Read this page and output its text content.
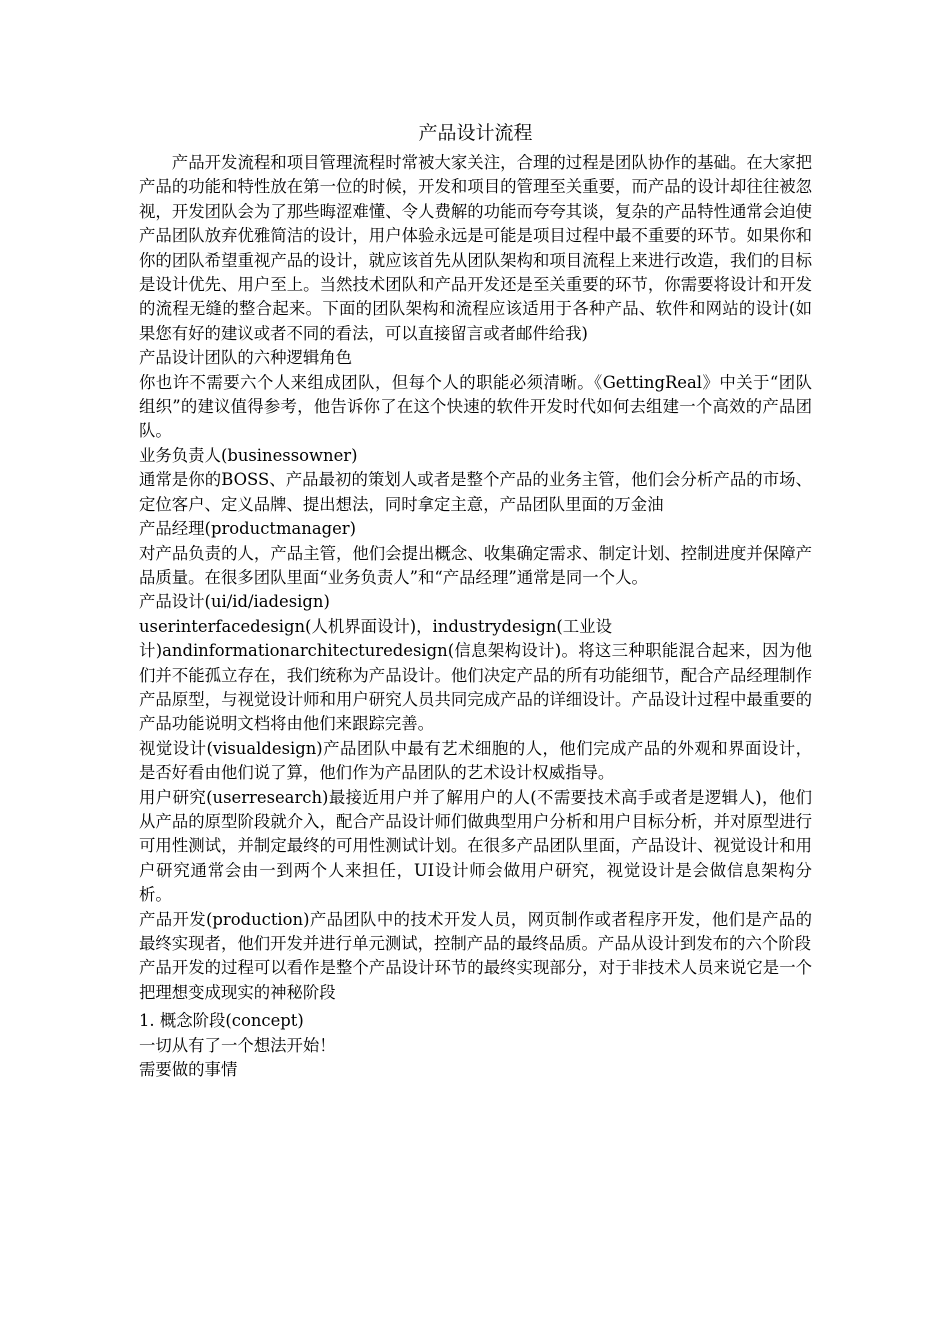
产品设计流程

产品开发流程和项目管理流程时常被大家关注，合理的过程是团队协作的基础。在大家把产品的功能和特性放在第一位的时候，开发和项目的管理至关重要，而产品的设计却往往被忽视，开发团队会为了那些晦涩难懂、令人费解的功能而夸夸其谈，复杂的产品特性通常会迫使产品团队放弃优雅简洁的设计，用户体验永远是可能是项目过程中最不重要的环节。如果你和你的团队希望重视产品的设计，就应该首先从团队架构和项目流程上来进行改造，我们的目标是设计优先、用户至上。当然技术团队和产品开发还是至关重要的环节，你需要将设计和开发的流程无缝的整合起来。下面的团队架构和流程应该适用于各种产品、软件和网站的设计(如果您有好的建议或者不同的看法，可以直接留言或者邮件给我)

产品设计团队的六种逻辑角色

你也许不需要六个人来组成团队，但每个人的职能必须清晰。《GettingReal》中关于“团队组织”的建议值得参考，他告诉你了在这个快速的软件开发时代如何去组建一个高效的产品团队。

业务负责人(businessowner)

通常是你的BOSS、产品最初的策划人或者是整个产品的业务主管，他们会分析产品的市场、定位客户、定义品牌、提出想法，同时拿定主意，产品团队里面的万金油

产品经理(productmanager)

对产品负责的人，产品主管，他们会提出概念、收集确定需求、制定计划、控制进度并保障产品质量。在很多团队里面“业务负责人”和“产品经理”通常是同一个人。

产品设计(ui/id/iadesign)

userinterfacedesign(人机界面设计)，industrydesign(工业设

计)andinformationarchitecturedesign(信息架构设计)。将这三种职能混合起来，因为他们并不能孤立存在，我们统称为产品设计。他们决定产品的所有功能细节，配合产品经理制作产品原型，与视觉设计师和用户研究人员共同完成产品的详细设计。产品设计过程中最重要的产品功能说明文档将由他们来跟踪完善。

视觉设计(visualdesign)产品团队中最有艺术细胞的人，他们完成产品的外观和界面设计，是否好看由他们说了算，他们作为产品团队的艺术设计权威指导。

用户研究(userresearch)最接近用户并了解用户的人(不需要技术高手或者是逻辑人)，他们从产品的原型阶段就介入，配合产品设计师们做典型用户分析和用户目标分析，并对原型进行可用性测试，并制定最终的可用性测试计划。在很多产品团队里面，产品设计、视觉设计和用户研究通常会由一到两个人来担任，UI设计师会做用户研究，视觉设计是会做信息架构分析。

产品开发(production)产品团队中的技术开发人员，网页制作或者程序开发，他们是产品的最终实现者，他们开发并进行单元测试，控制产品的最终品质。产品从设计到发布的六个阶段

产品开发的过程可以看作是整个产品设计环节的最终实现部分，对于非技术人员来说它是一个把理想变成现实的神秘阶段

1. 概念阶段(concept)

一切从有了一个想法开始！

需要做的事情
